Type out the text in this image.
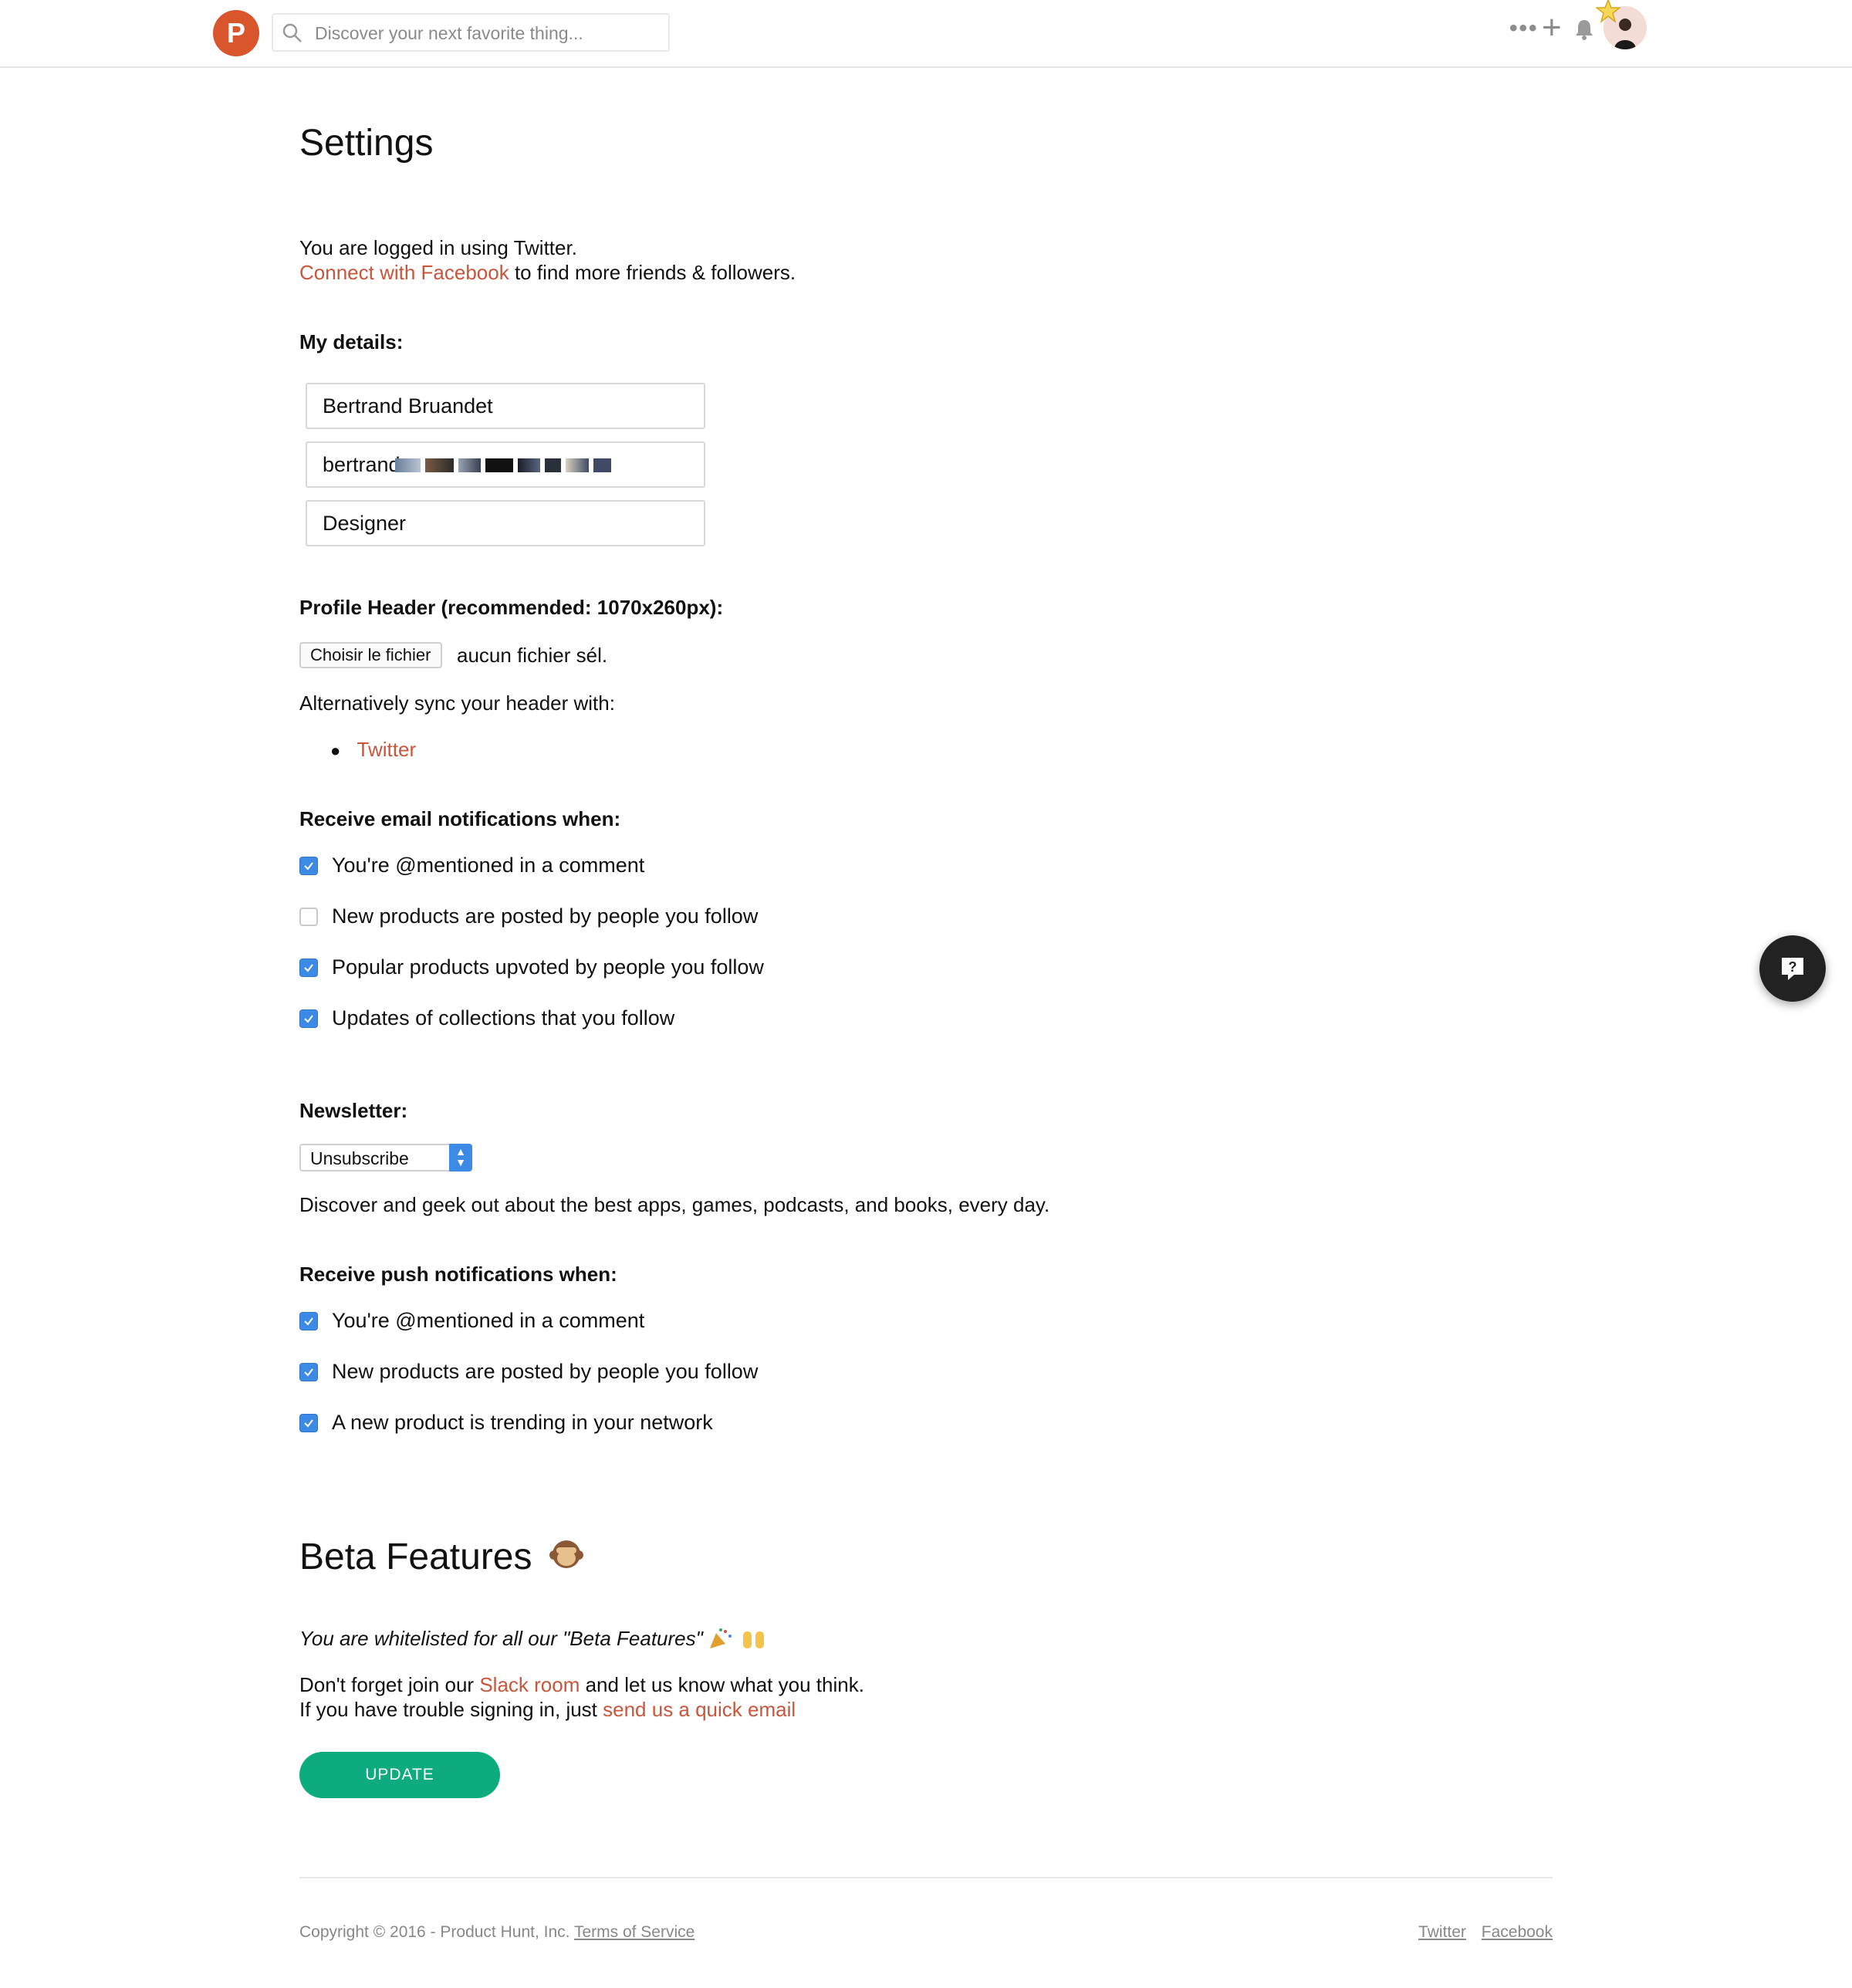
P
Discover your next favorite thing...	••• +
Settings
You are logged in using Twitter.
Connect with Facebook to find more friends & followers.
My details:
Bertrand Bruandet
bertrand
Designer
Profile Header (recommended: 1070x260px):
Choisir le fichier	aucun fichier sél.
Alternatively sync your header with:
● Twitter
Receive email notifications when:
You're @mentioned in a comment
New products are posted by people you follow
Popular products upvoted by people you follow
Updates of collections that you follow
Newsletter:
Unsubscribe	▲
▼
Discover and geek out about the best apps, games, podcasts, and books, every day.
Receive push notifications when:
You're @mentioned in a comment
New products are posted by people you follow
A new product is trending in your network
Beta Features
You are whitelisted for all our "Beta Features"
Don't forget join our Slack room and let us know what you think.
If you have trouble signing in, just send us a quick email
UPDATE
Copyright © 2016 - Product Hunt, Inc. Terms of Service	Twitter Facebook
?
